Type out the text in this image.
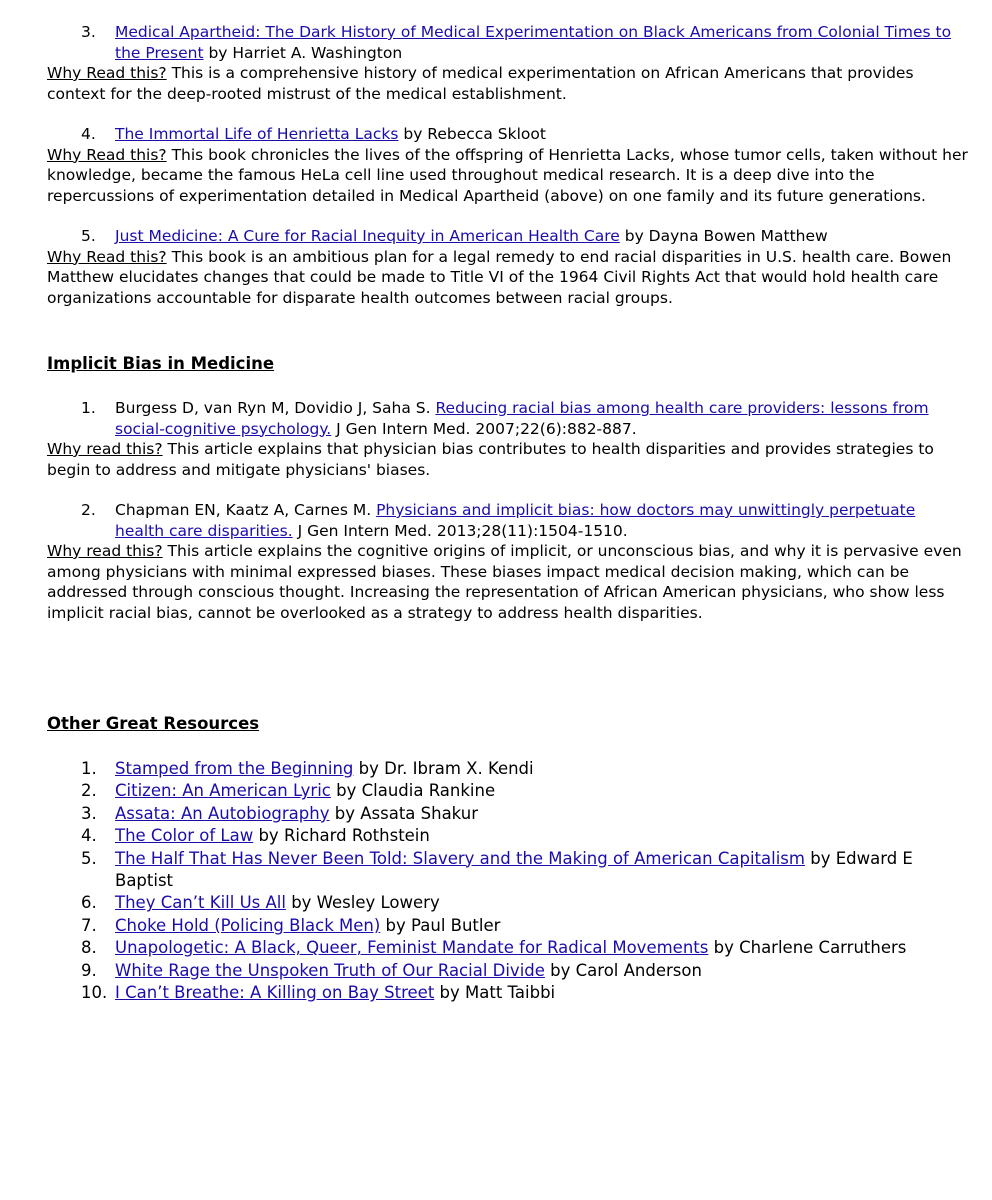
3. Medical Apartheid: The Dark History of Medical Experimentation on Black Americans from Colonial Times to
the Present by Harriet A. Washington
Why Read this? This is a comprehensive history of medical experimentation on African Americans that provides
context for the deep-rooted mistrust of the medical establishment.
4. The Immortal Life of Henrietta Lacks by Rebecca Skloot
Why Read this? This book chronicles the lives of the offspring of Henrietta Lacks, whose tumor cells, taken without her
knowledge, became the famous HeLa cell line used throughout medical research. It is a deep dive into the
repercussions of experimentation detailed in Medical Apartheid (above) on one family and its future generations.
5. Just Medicine: A Cure for Racial Inequity in American Health Care by Dayna Bowen Matthew
Why Read this? This book is an ambitious plan for a legal remedy to end racial disparities in U.S. health care. Bowen
Matthew elucidates changes that could be made to Title VI of the 1964 Civil Rights Act that would hold health care
organizations accountable for disparate health outcomes between racial groups.
Implicit Bias in Medicine
1. Burgess D, van Ryn M, Dovidio J, Saha S. Reducing racial bias among health care providers: lessons from
social-cognitive psychology. J Gen Intern Med. 2007;22(6):882-887.
Why read this? This article explains that physician bias contributes to health disparities and provides strategies to
begin to address and mitigate physicians' biases.
2. Chapman EN, Kaatz A, Carnes M. Physicians and implicit bias: how doctors may unwittingly perpetuate
health care disparities. J Gen Intern Med. 2013;28(11):1504-1510.
Why read this? This article explains the cognitive origins of implicit, or unconscious bias, and why it is pervasive even
among physicians with minimal expressed biases. These biases impact medical decision making, which can be
addressed through conscious thought. Increasing the representation of African American physicians, who show less
implicit racial bias, cannot be overlooked as a strategy to address health disparities.
Other Great Resources
1. Stamped from the Beginning by Dr. Ibram X. Kendi
2. Citizen: An American Lyric by Claudia Rankine
3. Assata: An Autobiography by Assata Shakur
4. The Color of Law by Richard Rothstein
5. The Half That Has Never Been Told: Slavery and the Making of American Capitalism by Edward E
Baptist
6. They Can’t Kill Us All by Wesley Lowery
7. Choke Hold (Policing Black Men) by Paul Butler
8. Unapologetic: A Black, Queer, Feminist Mandate for Radical Movements by Charlene Carruthers
9. White Rage the Unspoken Truth of Our Racial Divide by Carol Anderson
10. I Can’t Breathe: A Killing on Bay Street by Matt Taibbi
